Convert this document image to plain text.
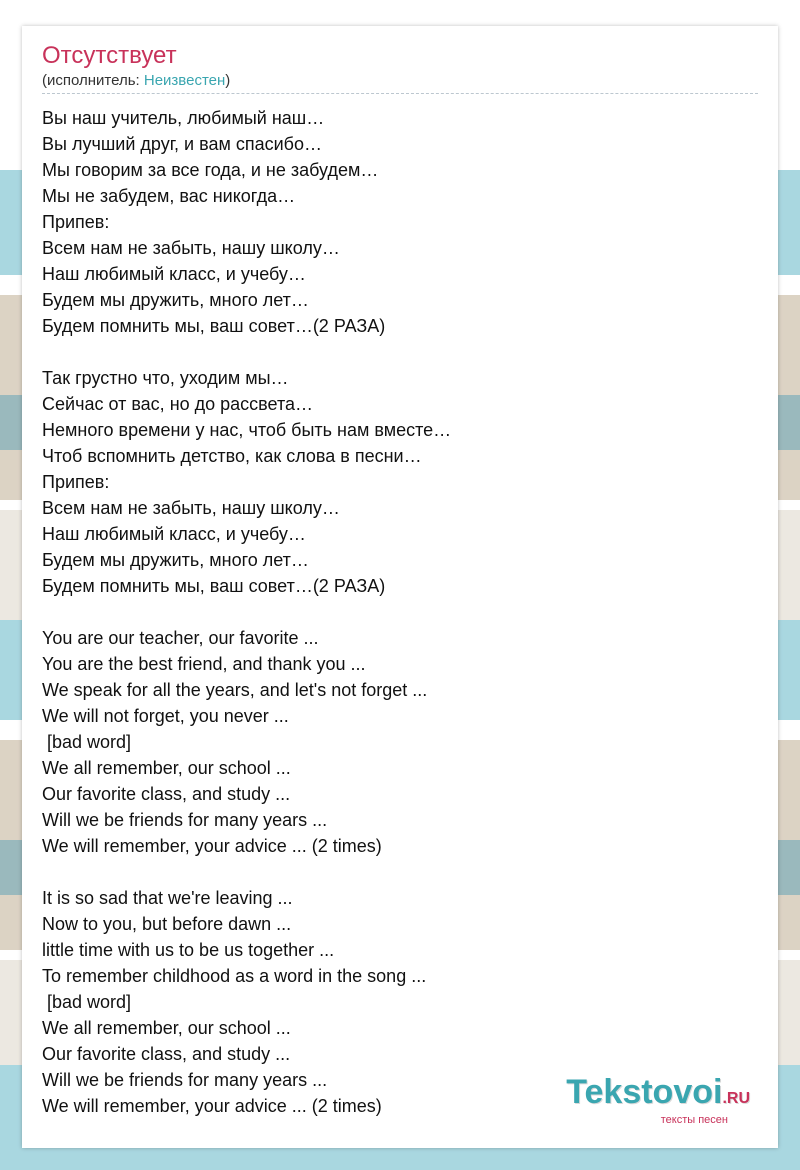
Отсутствует
(исполнитель: Неизвестен)
Вы наш учитель, любимый наш…
Вы лучший друг, и вам спасибо…
Мы говорим за все года, и не забудем…
Мы не забудем, вас никогда…
Припев:
Всем нам не забыть, нашу школу…
Наш любимый класс, и учебу…
Будем мы дружить, много лет…
Будем помнить мы, ваш совет…(2 РАЗА)
Так грустно что, уходим мы…
Сейчас от вас, но до рассвета…
Немного времени у нас, чтоб быть нам вместе…
Чтоб вспомнить детство, как слова в песни…
Припев:
Всем нам не забыть, нашу школу…
Наш любимый класс, и учебу…
Будем мы дружить, много лет…
Будем помнить мы, ваш совет…(2 РАЗА)
You are our teacher, our favorite ...
You are the best friend, and thank you ...
We speak for all the years, and let's not forget ...
We will not forget, you never ...
[bad word]
We all remember, our school ...
Our favorite class, and study ...
Will we be friends for many years ...
We will remember, your advice ... (2 times)
It is so sad that we're leaving ...
Now to you, but before dawn ...
little time with us to be us together ...
To remember childhood as a word in the song ...
[bad word]
We all remember, our school ...
Our favorite class, and study ...
Will we be friends for many years ...
We will remember, your advice ... (2 times)	Tekstovoi.RU
тексты песен
